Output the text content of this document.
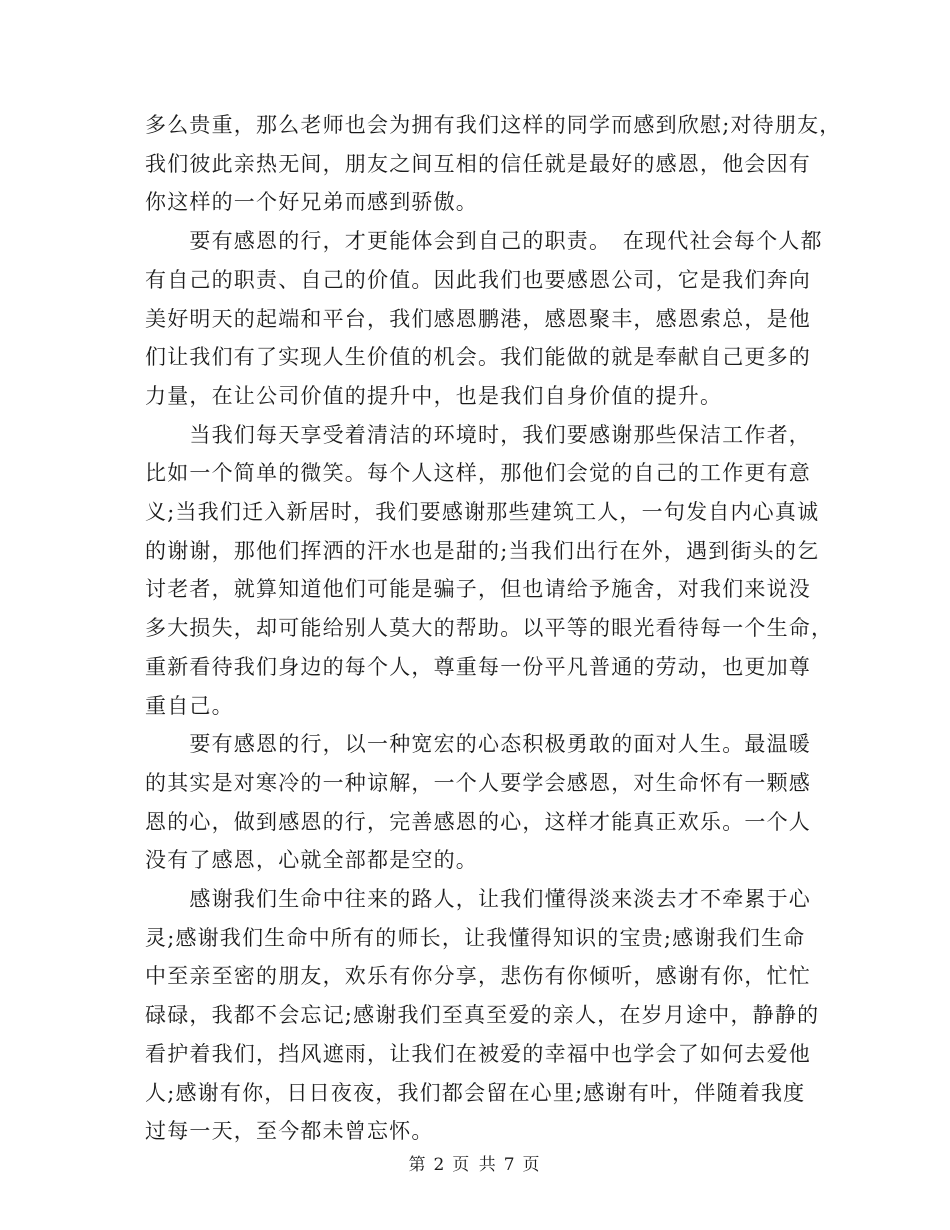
多么贵重，那么老师也会为拥有我们这样的同学而感到欣慰;对待朋友，
我们彼此亲热无间，朋友之间互相的信任就是最好的感恩，他会因有
你这样的一个好兄弟而感到骄傲。
　　要有感恩的行，才更能体会到自己的职责。　在现代社会每个人都
有自己的职责、自己的价值。因此我们也要感恩公司，它是我们奔向
美好明天的起端和平台，我们感恩鹏港，感恩聚丰，感恩索总，是他
们让我们有了实现人生价值的机会。我们能做的就是奉献自己更多的
力量，在让公司价值的提升中，也是我们自身价值的提升。
　　当我们每天享受着清洁的环境时，我们要感谢那些保洁工作者，
比如一个简单的微笑。每个人这样，那他们会觉的自己的工作更有意
义;当我们迁入新居时，我们要感谢那些建筑工人，一句发自内心真诚
的谢谢，那他们挥洒的汗水也是甜的;当我们出行在外，遇到街头的乞
讨老者，就算知道他们可能是骗子，但也请给予施舍，对我们来说没
多大损失，却可能给别人莫大的帮助。以平等的眼光看待每一个生命，
重新看待我们身边的每个人，尊重每一份平凡普通的劳动，也更加尊
重自己。
　　要有感恩的行，以一种宽宏的心态积极勇敢的面对人生。最温暖
的其实是对寒冷的一种谅解，一个人要学会感恩，对生命怀有一颗感
恩的心，做到感恩的行，完善感恩的心，这样才能真正欢乐。一个人
没有了感恩，心就全部都是空的。
　　感谢我们生命中往来的路人，让我们懂得淡来淡去才不牵累于心
灵;感谢我们生命中所有的师长，让我懂得知识的宝贵;感谢我们生命
中至亲至密的朋友，欢乐有你分享，悲伤有你倾听，感谢有你，忙忙
碌碌，我都不会忘记;感谢我们至真至爱的亲人，在岁月途中，静静的
看护着我们，挡风遮雨，让我们在被爱的幸福中也学会了如何去爱他
人;感谢有你，日日夜夜，我们都会留在心里;感谢有叶，伴随着我度
过每一天，至今都未曾忘怀。
第 2 页 共 7 页
